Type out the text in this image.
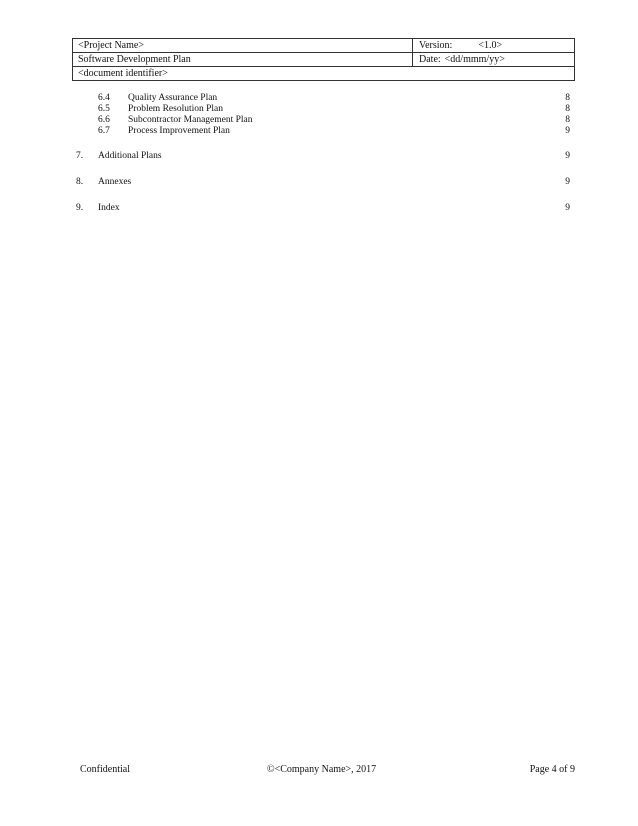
<Project Name>	Version:	<1.0>
Software Development Plan	Date: <dd/mmm/yy>
<document identifier>
6.4 Quality Assurance Plan	8
6.5 Problem Resolution Plan	8
6.6 Subcontractor Management Plan	8
6.7 Process Improvement Plan	9
7. Additional Plans	9
8. Annexes	9
9. Index	9
Confidential	©<Company Name>, 2017	Page 4 of 9
